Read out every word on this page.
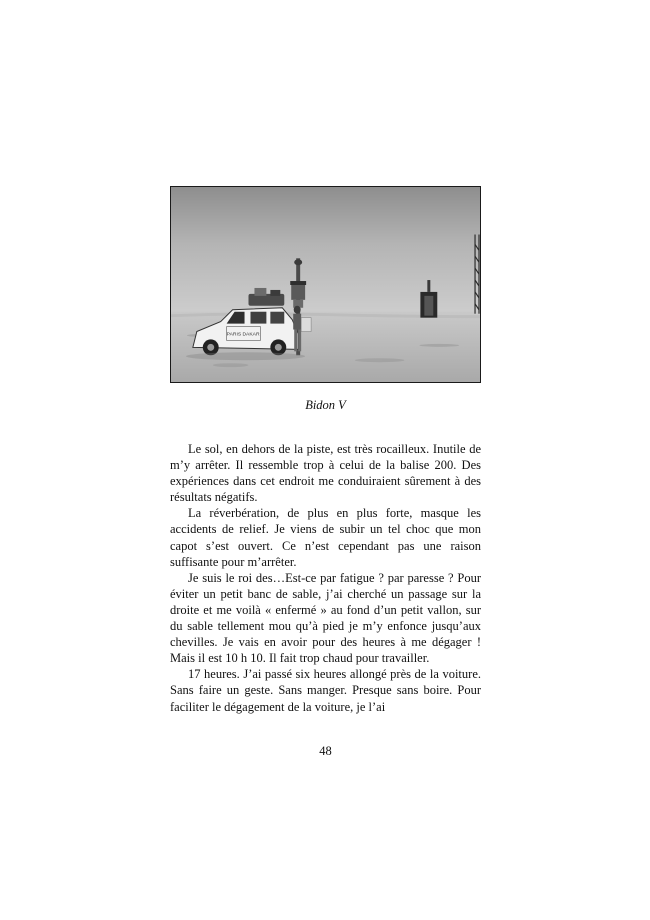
PARIS DAKAR
Bidon V

Le sol, en dehors de la piste, est très rocailleux. Inutile de m’y arrêter. Il ressemble trop à celui de la balise 200. Des expériences dans cet endroit me conduiraient sûrement à des résultats négatifs.

La réverbération, de plus en plus forte, masque les accidents de relief. Je viens de subir un tel choc que mon capot s’est ouvert. Ce n’est cependant pas une raison suffisante pour m’arrêter.

Je suis le roi des…Est-ce par fatigue ? par paresse ? Pour éviter un petit banc de sable, j’ai cherché un passage sur la droite et me voilà « enfermé » au fond d’un petit vallon, sur du sable tellement mou qu’à pied je m’y enfonce jusqu’aux chevilles. Je vais en avoir pour des heures à me dégager ! Mais il est 10 h 10. Il fait trop chaud pour travailler.

17 heures. J’ai passé six heures allongé près de la voiture. Sans faire un geste. Sans manger. Presque sans boire. Pour faciliter le dégagement de la voiture, je l’ai

48
